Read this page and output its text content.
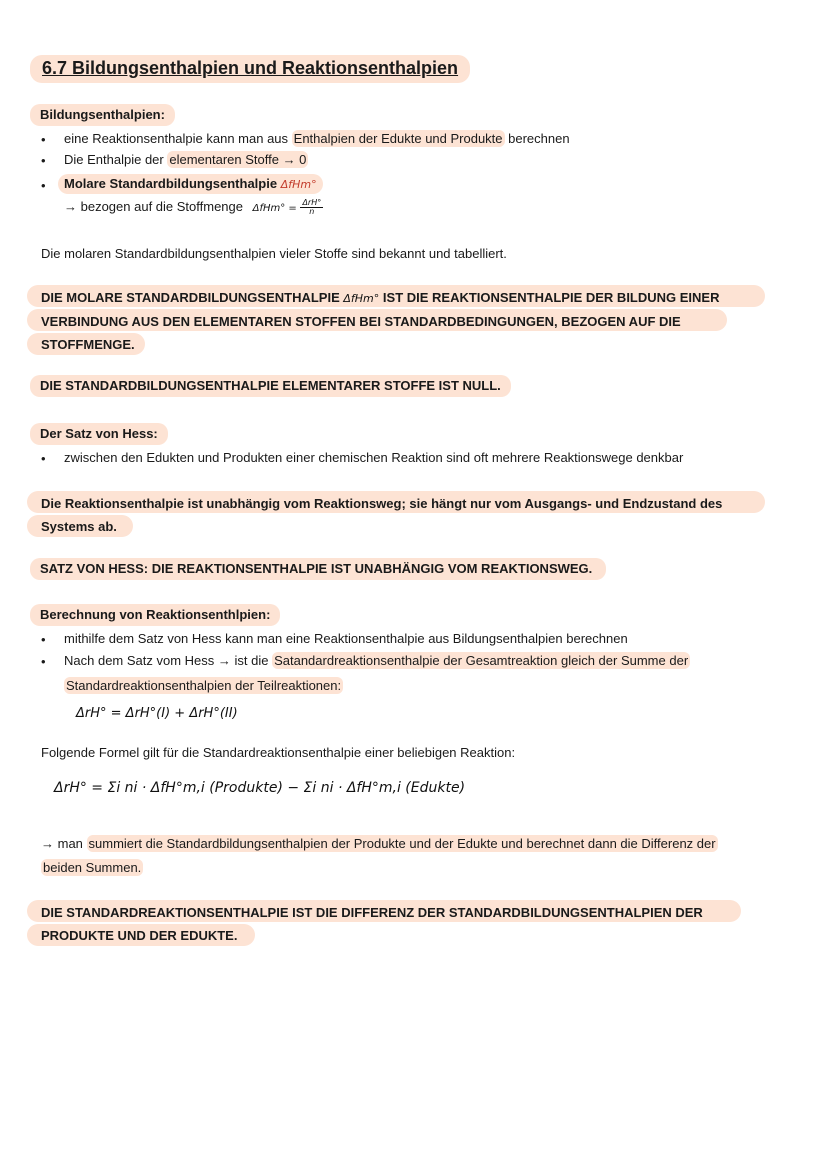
6.7 Bildungsenthalpien und Reaktionsenthalpien
Bildungsenthalpien:
• eine Reaktionsenthalpie kann man aus Enthalpien der Edukte und Produkte berechnen
• Die Enthalpie der elementaren Stoffe → 0
•	Molare Standardbildungsenthalpie ΔfHm°
→ bezogen auf die Stoffmenge $\Delta fHm^\circ = \frac{\text{ΔrH°}}{n}$
Die molaren Standardbildungsenthalpien vieler Stoffe sind bekannt und tabelliert.
DIE MOLARE STANDARDBILDUNGSENTHALPIE ΔfHm° IST DIE REAKTIONSENTHALPIE DER BILDUNG EINER
VERBINDUNG AUS DEN ELEMENTAREN STOFFEN BEI STANDARDBEDINGUNGEN, BEZOGEN AUF DIE
STOFFMENGE.
DIE STANDARDBILDUNGSENTHALPIE ELEMENTARER STOFFE IST NULL.
Der Satz von Hess:
• zwischen den Edukten und Produkten einer chemischen Reaktion sind oft mehrere Reaktionswege denkbar
Die Reaktionsenthalpie ist unabhängig vom Reaktionsweg; sie hängt nur vom Ausgangs- und Endzustand des
Systems ab.
SATZ VON HESS: DIE REAKTIONSENTHALPIE IST UNABHÄNGIG VOM REAKTIONSWEG.
Berechnung von Reaktionsenthlpien:
• mithilfe dem Satz von Hess kann man eine Reaktionsenthalpie aus Bildungsenthalpien berechnen
• Nach dem Satz vom Hess → ist die Satandardreaktionsenthalpie der Gesamtreaktion gleich der Summe der
Standardreaktionsenthalpien der Teilreaktionen:
ΔrH° = ΔrH°(I) + ΔrH°(II)
Folgende Formel gilt für die Standardreaktionsenthalpie einer beliebigen Reaktion:
ΔrH° = Σi ni · ΔfH°m,i (Produkte) − Σi ni · ΔfH°m,i (Edukte)
→ man summiert die Standardbildungsenthalpien der Produkte und der Edukte und berechnet dann die Differenz der
beiden Summen.
DIE STANDARDREAKTIONSENTHALPIE IST DIE DIFFERENZ DER STANDARDBILDUNGSENTHALPIEN DER
PRODUKTE UND DER EDUKTE.
